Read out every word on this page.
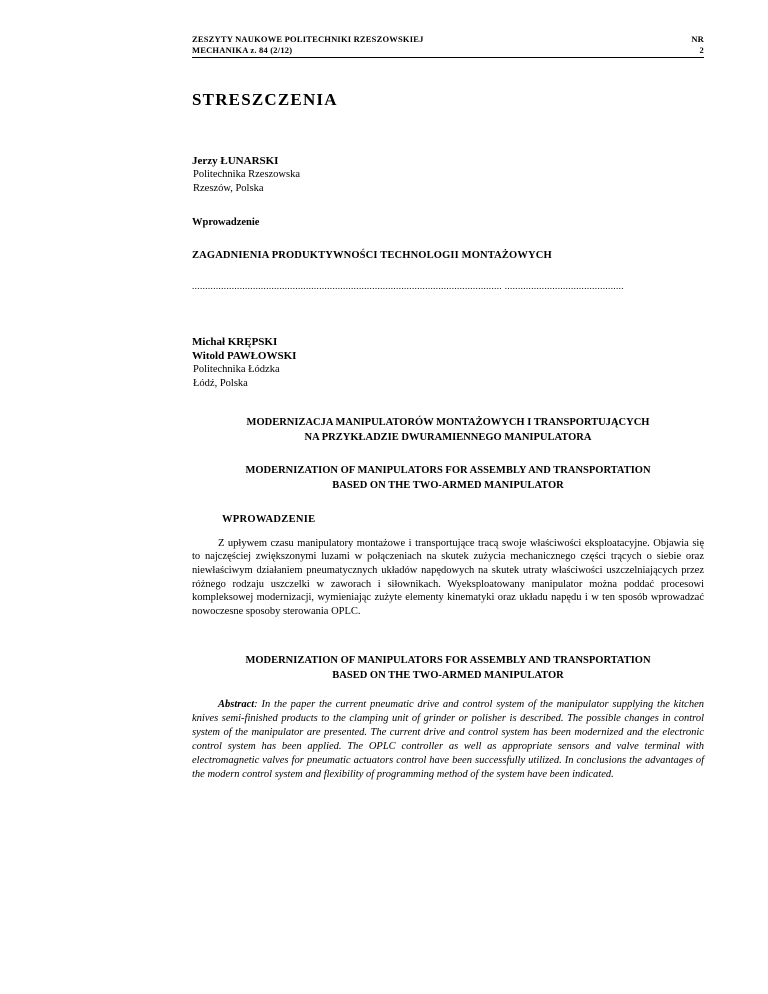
ZESZYTY NAUKOWE POLITECHNIKI RZESZOWSKIEJ	NR
MECHANIKA z. 84 (2/12)	2
STRESZCZENIA
Jerzy ŁUNARSKI
Politechnika Rzeszowska
Rzeszów, Polska
Wprowadzenie
ZAGADNIENIA PRODUKTYWNOŚCI TECHNOLOGII MONTAŻOWYCH
..................................................................................................................... .............................................
Michał KRĘPSKI
Witold PAWŁOWSKI
Politechnika Łódzka
Łódź, Polska
MODERNIZACJA MANIPULATORÓW MONTAŻOWYCH I TRANSPORTUJĄCYCH
NA PRZYKŁADZIE DWURAMIENNEGO MANIPULATORA
MODERNIZATION OF MANIPULATORS FOR ASSEMBLY AND TRANSPORTATION
BASED ON THE TWO-ARMED MANIPULATOR
WPROWADZENIE
Z upływem czasu manipulatory montażowe i transportujące tracą swoje właściwości eksploatacyjne. Objawia się to najczęściej zwiększonymi luzami w połączeniach na skutek zużycia mechanicznego części trących o siebie oraz niewłaściwym działaniem pneumatycznych układów napędowych na skutek utraty właściwości uszczelniających przez różnego rodzaju uszczelki w zaworach i siłownikach. Wyeksploatowany manipulator można poddać procesowi kompleksowej modernizacji, wymieniając zużyte elementy kinematyki oraz układu napędu i w ten sposób wprowadzać nowoczesne sposoby sterowania OPLC.
MODERNIZATION OF MANIPULATORS FOR ASSEMBLY AND TRANSPORTATION
BASED ON THE TWO-ARMED MANIPULATOR
Abstract: In the paper the current pneumatic drive and control system of the manipulator supplying the kitchen knives semi-finished products to the clamping unit of grinder or polisher is described. The possible changes in control system of the manipulator are presented. The current drive and control system has been modernized and the electronic control system has been applied. The OPLC controller as well as appropriate sensors and valve terminal with electromagnetic valves for pneumatic actuators control have been successfully utilized. In conclusions the advantages of the modern control system and flexibility of programming method of the system have been indicated.
